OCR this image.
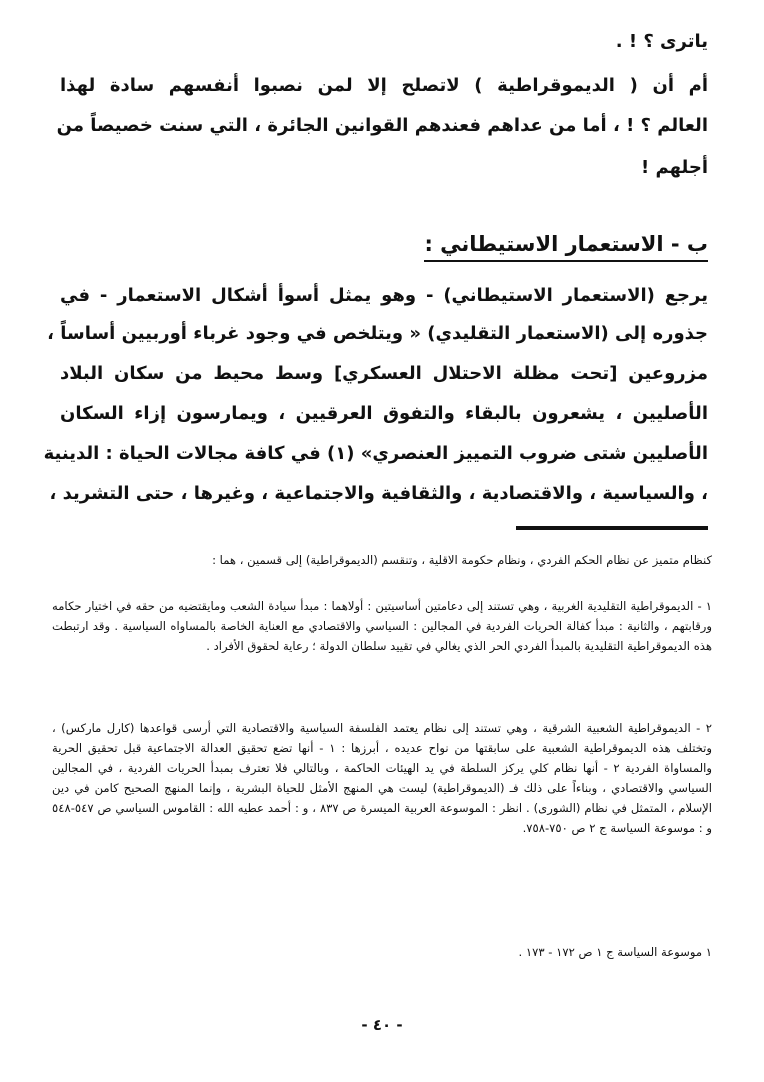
ياترى ؟ ! .
أم أن ( الديموقراطية ) لاتصلح إلا لمن نصبوا أنفسهم سادة لهذا
العالم ؟ ! ، أما من عداهم فعندهم القوانين الجائرة ، التي سنت خصيصاً من
أجلهم !
ب - الاستعمار الاستيطاني :
يرجع (الاستعمار الاستيطاني) - وهو يمثل أسوأ أشكال الاستعمار - في
جذوره إلى (الاستعمار التقليدي) « ويتلخص في وجود غرباء أوربيين أساساً ،
مزروعين [تحت مظلة الاحتلال العسكري] وسط محيط من سكان البلاد
الأصليين ، يشعرون بالبقاء والتفوق العرقيين ، ويمارسون إزاء السكان
الأصليين شتى ضروب التمييز العنصري» (١) في كافة مجالات الحياة : الدينية
، والسياسية ، والاقتصادية ، والثقافية والاجتماعية ، وغيرها ، حتى التشريد ،

كنظام متميز عن نظام الحكم الفردي ، ونظام حكومة الاقلية ، وتنقسم (الديموقراطية) إلى قسمين ، هما :

١ - الديموقراطية التقليدية الغربية ، وهي تستند إلى دعامتين أساسيتين : أولاهما : مبدأ سيادة الشعب ومايقتضيه من حقه في اختيار حكامه ورقابتهم ، والثانية : مبدأ كفالة الحريات الفردية في المجالين : السياسي والاقتصادي مع العناية الخاصة بالمساواه السياسية . وقد ارتبطت هذه الديموقراطية التقليدية بالمبدأ الفردي الحر الذي يغالي في تقييد سلطان الدولة ؛ رعاية لحقوق الأفراد .

٢ - الديموقراطية الشعبية الشرقية ، وهي تستند إلى نظام يعتمد الفلسفة السياسية والاقتصادية التي أرسى قواعدها (كارل ماركس) ، وتختلف هذه الديموقراطية الشعبية على سابقتها من نواح عديده ، أبرزها : ١ - أنها تضع تحقيق العدالة الاجتماعية قبل تحقيق الحرية والمساواة الفردية ٢ - أنها نظام كلي يركز السلطة في يد الهيئات الحاكمة ، وبالتالي فلا تعترف بمبدأ الحريات الفردية ، في المجالين السياسي والاقتصادي ، وبناءاً على ذلك فـ (الديموقراطية) ليست هي المنهج الأمثل للحياة البشرية ، وإنما المنهج الصحيح كامن في دين الإسلام ، المتمثل في نظام (الشورى) . انظر : الموسوعة العربية الميسرة ص ٨٣٧ ، و : أحمد عطيه الله : القاموس السياسي ص ٥٤٧-٥٤٨ و : موسوعة السياسة ج ٢ ص ٧٥٠-٧٥٨.

١ موسوعة السياسة ج ١ ص ١٧٢ - ١٧٣ .

- ٤٠ -
